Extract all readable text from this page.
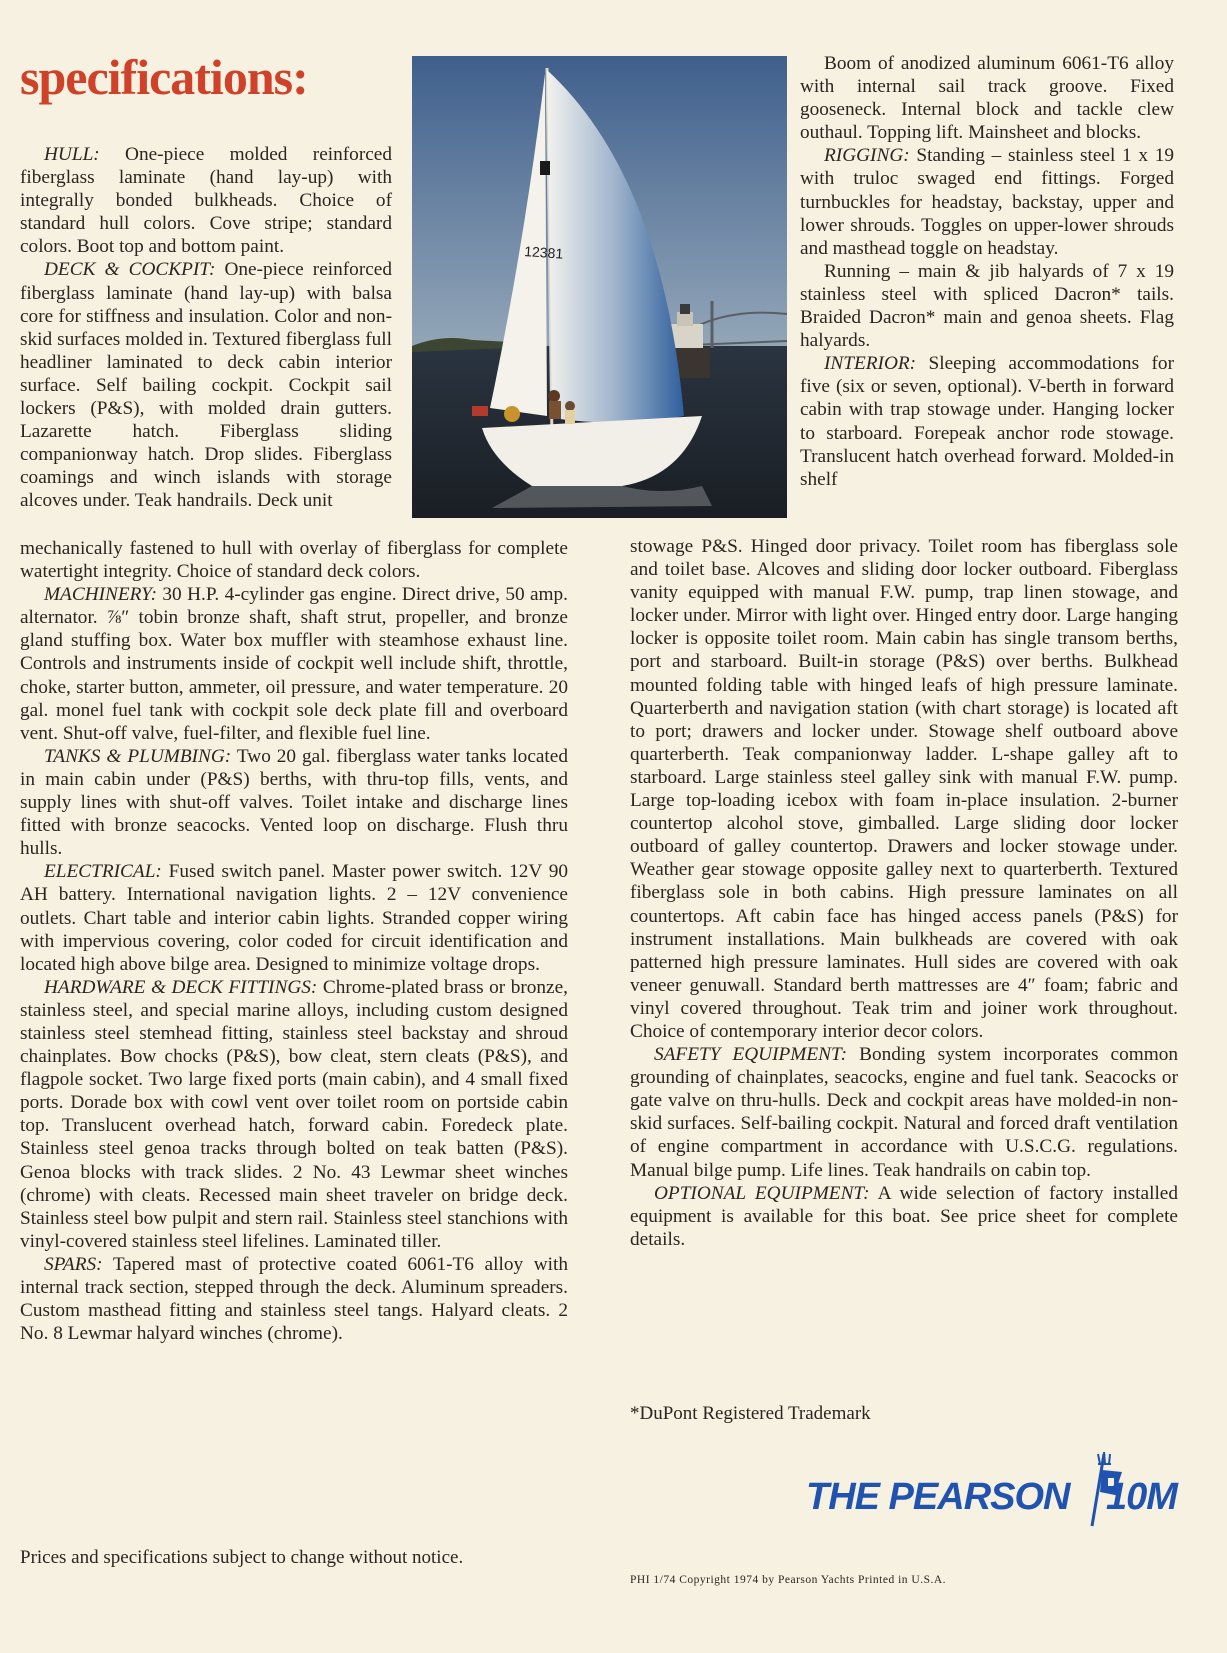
specifications:
12381

HULL: One-piece molded reinforced fiberglass laminate (hand lay-up) with integrally bonded bulkheads. Choice of standard hull colors. Cove stripe; standard colors. Boot top and bottom paint.

DECK & COCKPIT: One-piece reinforced fiberglass laminate (hand lay-up) with balsa core for stiffness and insulation. Color and non-skid surfaces molded in. Textured fiberglass full headliner laminated to deck cabin interior surface. Self bailing cockpit. Cockpit sail lockers (P&S), with molded drain gutters. Lazarette hatch. Fiberglass sliding companionway hatch. Drop slides. Fiberglass coamings and winch islands with storage alcoves under. Teak handrails. Deck unit

mechanically fastened to hull with overlay of fiberglass for complete watertight integrity. Choice of standard deck colors.

MACHINERY: 30 H.P. 4-cylinder gas engine. Direct drive, 50 amp. alternator. ⅞″ tobin bronze shaft, shaft strut, propeller, and bronze gland stuffing box. Water box muffler with steamhose exhaust line. Controls and instruments inside of cockpit well include shift, throttle, choke, starter button, ammeter, oil pressure, and water temperature. 20 gal. monel fuel tank with cockpit sole deck plate fill and overboard vent. Shut-off valve, fuel-filter, and flexible fuel line.

TANKS & PLUMBING: Two 20 gal. fiberglass water tanks located in main cabin under (P&S) berths, with thru-top fills, vents, and supply lines with shut-off valves. Toilet intake and discharge lines fitted with bronze seacocks. Vented loop on discharge. Flush thru hulls.

ELECTRICAL: Fused switch panel. Master power switch. 12V 90 AH battery. International navigation lights. 2 – 12V convenience outlets. Chart table and interior cabin lights. Stranded copper wiring with impervious covering, color coded for circuit identification and located high above bilge area. Designed to minimize voltage drops.

HARDWARE & DECK FITTINGS: Chrome-plated brass or bronze, stainless steel, and special marine alloys, including custom designed stainless steel stemhead fitting, stainless steel backstay and shroud chainplates. Bow chocks (P&S), bow cleat, stern cleats (P&S), and flagpole socket. Two large fixed ports (main cabin), and 4 small fixed ports. Dorade box with cowl vent over toilet room on portside cabin top. Translucent overhead hatch, forward cabin. Foredeck plate. Stainless steel genoa tracks through bolted on teak batten (P&S). Genoa blocks with track slides. 2 No. 43 Lewmar sheet winches (chrome) with cleats. Recessed main sheet traveler on bridge deck. Stainless steel bow pulpit and stern rail. Stainless steel stanchions with vinyl-covered stainless steel lifelines. Laminated tiller.

SPARS: Tapered mast of protective coated 6061-T6 alloy with internal track section, stepped through the deck. Aluminum spreaders. Custom masthead fitting and stainless steel tangs. Halyard cleats. 2 No. 8 Lewmar halyard winches (chrome).

Boom of anodized aluminum 6061-T6 alloy with internal sail track groove. Fixed gooseneck. Internal block and tackle clew outhaul. Topping lift. Mainsheet and blocks.

RIGGING: Standing – stainless steel 1 x 19 with truloc swaged end fittings. Forged turnbuckles for headstay, backstay, upper and lower shrouds. Toggles on upper-lower shrouds and masthead toggle on headstay.

Running – main & jib halyards of 7 x 19 stainless steel with spliced Dacron* tails. Braided Dacron* main and genoa sheets. Flag halyards.

INTERIOR: Sleeping accommodations for five (six or seven, optional). V-berth in forward cabin with trap stowage under. Hanging locker to starboard. Forepeak anchor rode stowage. Translucent hatch overhead forward. Molded-in shelf

stowage P&S. Hinged door privacy. Toilet room has fiberglass sole and toilet base. Alcoves and sliding door locker outboard. Fiberglass vanity equipped with manual F.W. pump, trap linen stowage, and locker under. Mirror with light over. Hinged entry door. Large hanging locker is opposite toilet room. Main cabin has single transom berths, port and starboard. Built-in storage (P&S) over berths. Bulkhead mounted folding table with hinged leafs of high pressure laminate. Quarterberth and navigation station (with chart storage) is located aft to port; drawers and locker under. Stowage shelf outboard above quarterberth. Teak companionway ladder. L-shape galley aft to starboard. Large stainless steel galley sink with manual F.W. pump. Large top-loading icebox with foam in-place insulation. 2-burner countertop alcohol stove, gimballed. Large sliding door locker outboard of galley countertop. Drawers and locker stowage under. Weather gear stowage opposite galley next to quarterberth. Textured fiberglass sole in both cabins. High pressure laminates on all countertops. Aft cabin face has hinged access panels (P&S) for instrument installations. Main bulkheads are covered with oak patterned high pressure laminates. Hull sides are covered with oak veneer genuwall. Standard berth mattresses are 4″ foam; fabric and vinyl covered throughout. Teak trim and joiner work throughout. Choice of contemporary interior decor colors.

SAFETY EQUIPMENT: Bonding system incorporates common grounding of chainplates, seacocks, engine and fuel tank. Seacocks or gate valve on thru-hulls. Deck and cockpit areas have molded-in non-skid surfaces. Self-bailing cockpit. Natural and forced draft ventilation of engine compartment in accordance with U.S.C.G. regulations. Manual bilge pump. Life lines. Teak handrails on cabin top.

OPTIONAL EQUIPMENT: A wide selection of factory installed equipment is available for this boat. See price sheet for complete details.

*DuPont Registered Trademark
Prices and specifications subject to change without notice.
THE PEARSON 10M
PHI 1/74 Copyright 1974 by Pearson Yachts Printed in U.S.A.
